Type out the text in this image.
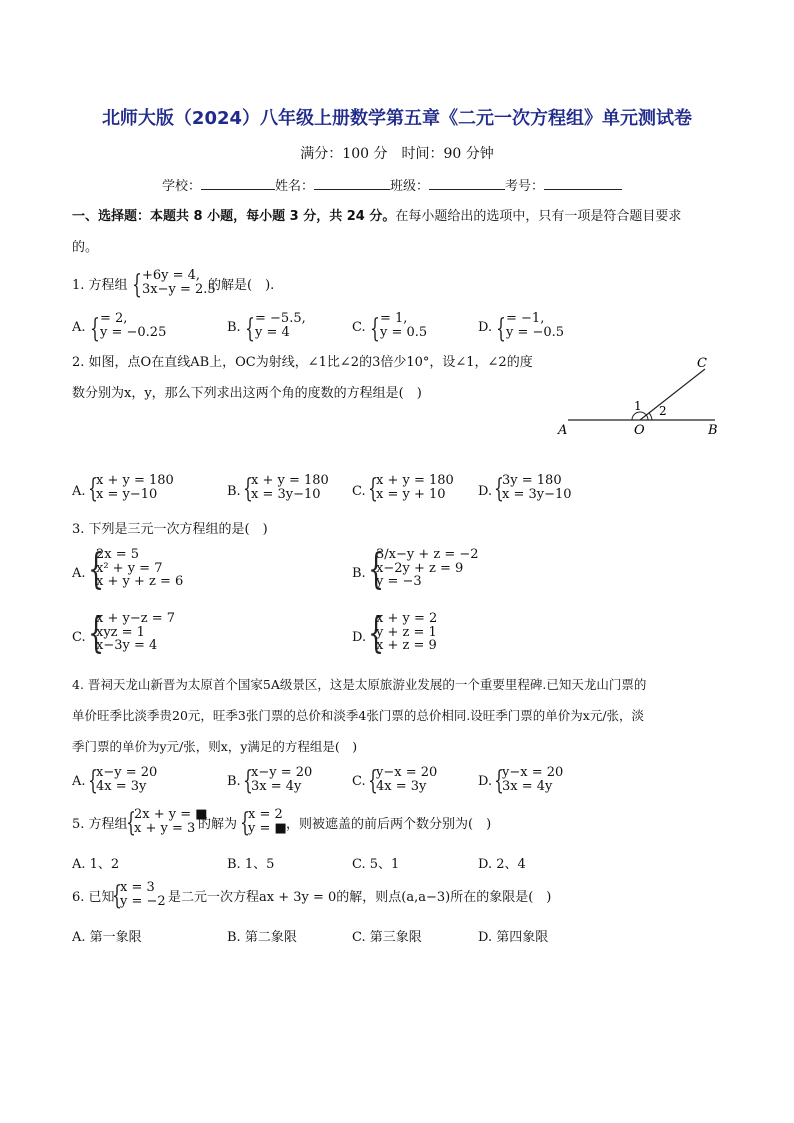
北师大版（2024）八年级上册数学第五章《二元一次方程组》单元测试卷
满分：100 分　时间：90 分钟
学校：	姓名：	班级：	考号：
一、选择题：本题共 8 小题，每小题 3 分，共 24 分。在每小题给出的选项中，只有一项是符合题目要求
的。
1. 方程组 { +6y = 4,
3x−y = 2.5
的解是(　).
A. { = 2,
y = −0.25	B. { = −5.5,
y = 4	C. { = 1,
y = 0.5	D. { = −1,
y = −0.5
2. 如图，点O在直线AB上，OC为射线，∠1比∠2的3倍少10°，设∠1，∠2的度
数分别为x，y，那么下列求出这两个角的度数的方程组是(　)
A	O	B
C
1 2
A. {
x + y = 180
x = y−10	B. {
x + y = 180
x = 3y−10	C. {
x + y = 180
x = y + 10	D. {
3y = 180
x = 3y−10
3. 下列是三元一次方程组的是(　)
A. {
2x = 5
x² + y = 7
x + y + z = 6
B. {
3/x−y + z = −2
x−2y + z = 9
y = −3
C. {
x + y−z = 7
xyz = 1
x−3y = 4
D. {
x + y = 2
y + z = 1
x + z = 9
4. 晋祠天龙山新晋为太原首个国家5A级景区，这是太原旅游业发展的一个重要里程碑.已知天龙山门票的
单价旺季比淡季贵20元，旺季3张门票的总价和淡季4张门票的总价相同.设旺季门票的单价为x元/张，淡
季门票的单价为y元/张，则x，y满足的方程组是(　)
A. {
x−y = 20
4x = 3y	B. {
x−y = 20
3x = 4y	C. {
y−x = 20
4x = 3y	D. {
y−x = 20
3x = 4y
5. 方程组
{
2x + y = ■
x + y = 3 的解为 {
x = 2
y = ■ ，则被遮盖的前后两个数分别为(　)
A. 1、2	B. 1、5	C. 5、1	D. 2、4
6. 已知
{
x = 3
y = −2 是二元一次方程ax + 3y = 0的解，则点(a,a−3)所在的象限是(　)
A. 第一象限	B. 第二象限	C. 第三象限	D. 第四象限
